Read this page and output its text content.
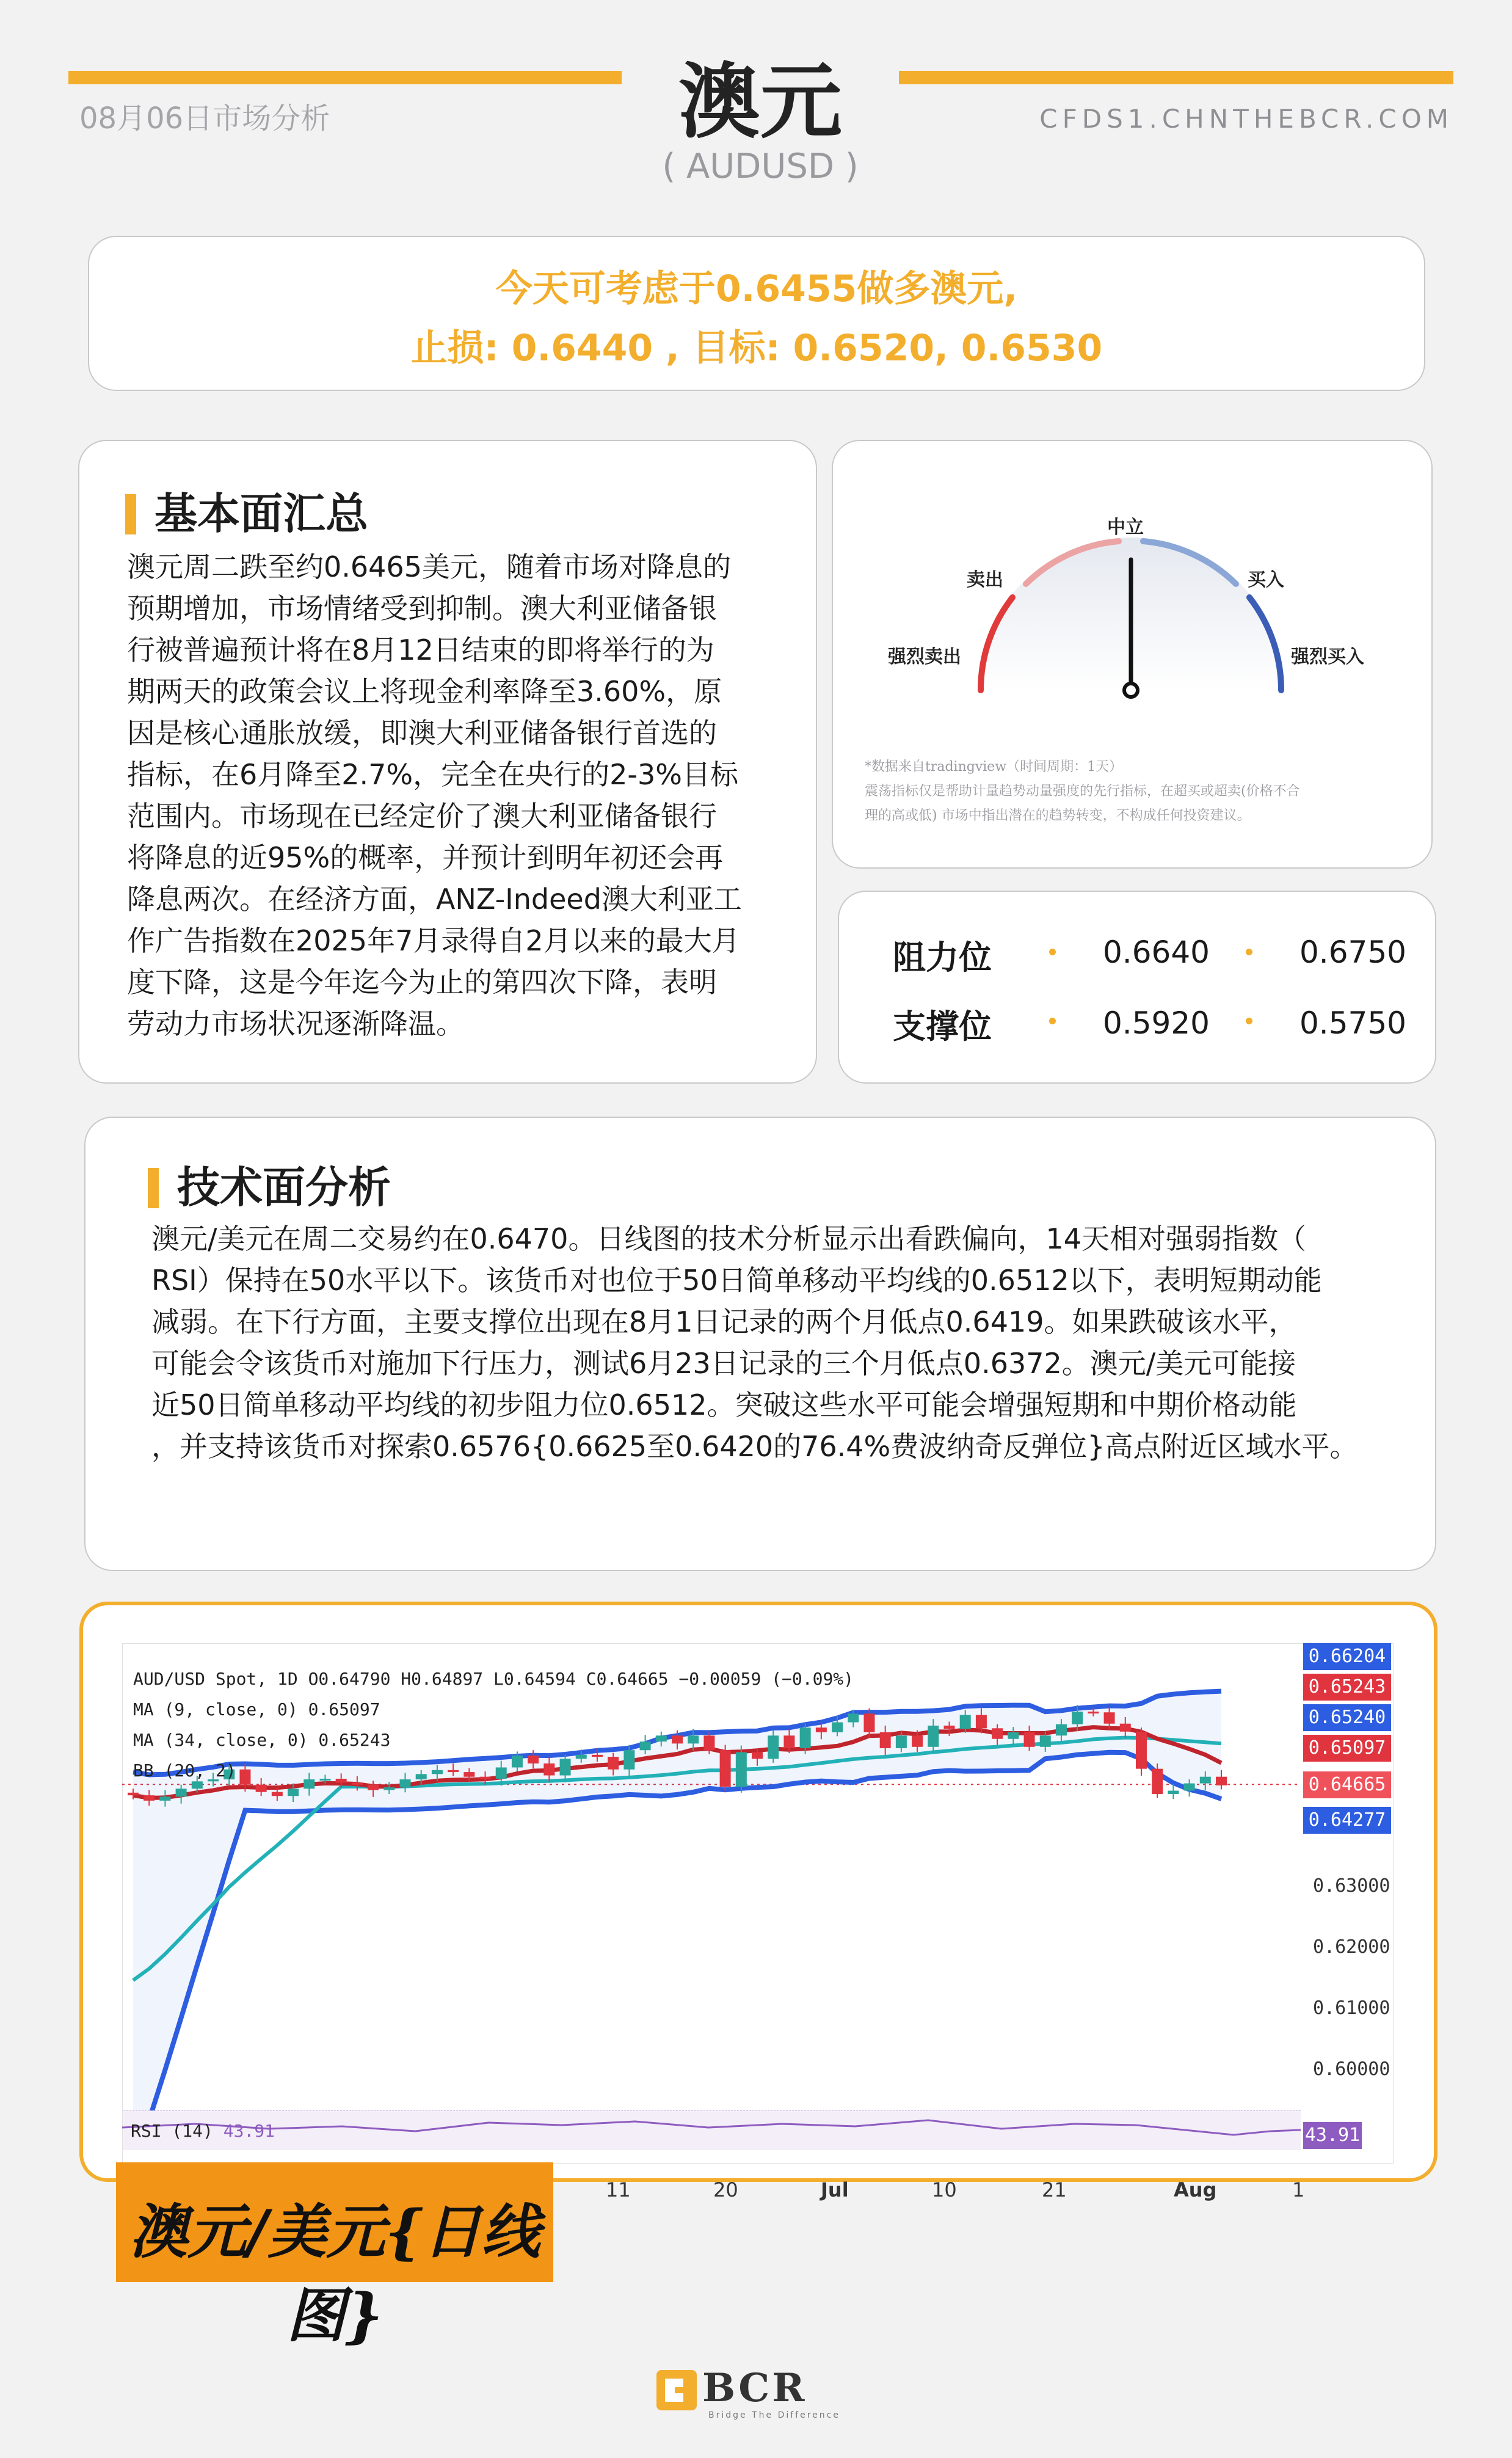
08月06日市场分析	澳元
( AUDUSD )
CFDS1.CHNTHEBCR.COM
今天可考虑于0.6455做多澳元,
止损: 0.6440 , 目标: 0.6520, 0.6530
基本面汇总
澳元周二跌至约0.6465美元，随着市场对降息的
预期增加，市场情绪受到抑制。澳大利亚储备银
行被普遍预计将在8月12日结束的即将举行的为
期两天的政策会议上将现金利率降至3.60%，原
因是核心通胀放缓，即澳大利亚储备银行首选的
指标，在6月降至2.7%，完全在央行的2-3%目标
范围内。市场现在已经定价了澳大利亚储备银行
将降息的近95%的概率，并预计到明年初还会再
降息两次。在经济方面，ANZ-Indeed澳大利亚工
作广告指数在2025年7月录得自2月以来的最大月
度下降，这是今年迄今为止的第四次下降，表明
劳动力市场状况逐渐降温。
中立
卖出	买入
强烈卖出	强烈买入
*数据来自tradingview（时间周期：1天）
震荡指标仅是帮助计量趋势动量强度的先行指标，在超买或超卖(价格不合
理的高或低) 市场中指出潜在的趋势转变，不构成任何投资建议。
阻力位	0.6640	0.6750
支撑位	0.5920	0.5750
技术面分析
澳元/美元在周二交易约在0.6470。日线图的技术分析显示出看跌偏向，14天相对强弱指数（
RSI）保持在50水平以下。该货币对也位于50日简单移动平均线的0.6512以下，表明短期动能
减弱。在下行方面，主要支撑位出现在8月1日记录的两个月低点0.6419。如果跌破该水平，
可能会令该货币对施加下行压力，测试6月23日记录的三个月低点0.6372。澳元/美元可能接
近50日简单移动平均线的初步阻力位0.6512。突破这些水平可能会增强短期和中期价格动能
，并支持该货币对探索0.6576{0.6625至0.6420的76.4%费波纳奇反弹位}高点附近区域水平。
AUD/USD Spot, 1D O0.64790 H0.64897 L0.64594 C0.64665 −0.00059 (−0.09%)
MA (9, close, 0) 0.65097
MA (34, close, 0) 0.65243
BB (20, 2)
0.66204
0.65243
0.65240
0.65097
0.64665
0.64277
0.63000
0.62000
0.61000
0.60000
RSI (14) 43.91	43.91
11	20	Jul	10	21	Aug	1
澳元/美元{日线图}
BCR
Bridge The Difference
